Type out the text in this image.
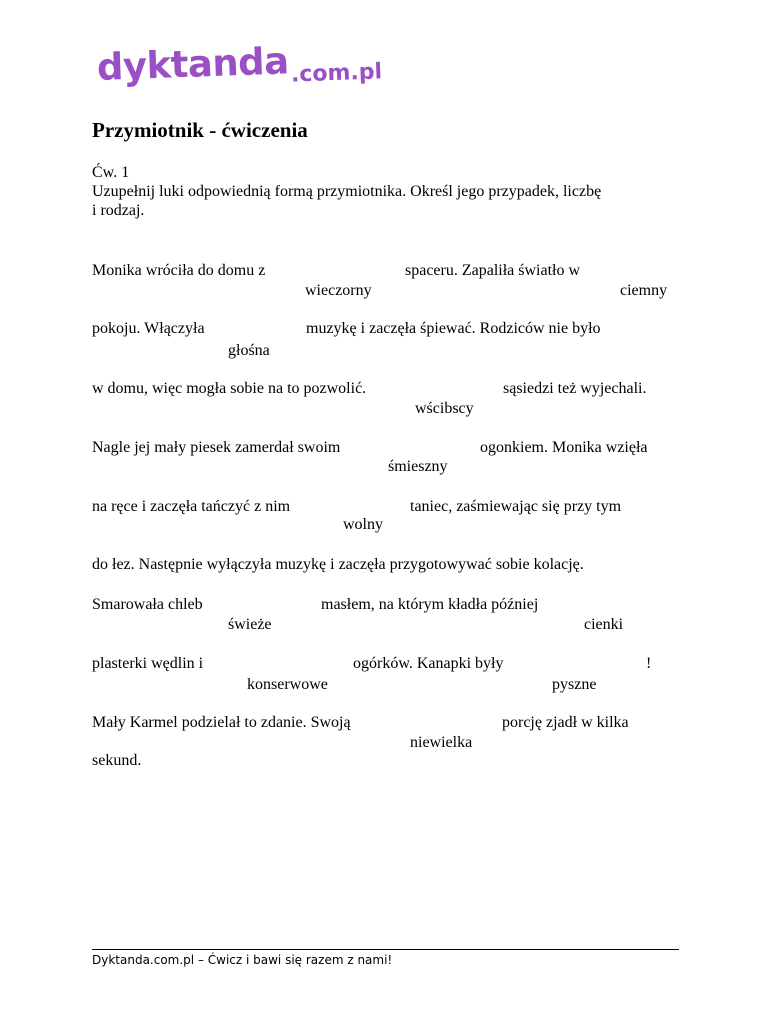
dyktanda.com.pl
Przymiotnik - ćwiczenia
Ćw. 1
Uzupełnij luki odpowiednią formą przymiotnika. Określ jego przypadek, liczbę
i rodzaj.
Monika wróciła do domu z	spaceru. Zapaliła światło w
wieczorny	ciemny
pokoju. Włączyła	muzykę i zaczęła śpiewać. Rodziców nie było
głośna
w domu, więc mogła sobie na to pozwolić.	sąsiedzi też wyjechali.
wścibscy
Nagle jej mały piesek zamerdał swoim	ogonkiem. Monika wzięła
śmieszny
na ręce i zaczęła tańczyć z nim	taniec, zaśmiewając się przy tym
wolny
do łez. Następnie wyłączyła muzykę i zaczęła przygotowywać sobie kolację.
Smarowała chleb	masłem, na którym kładła później
świeże	cienki
plasterki wędlin i	ogórków. Kanapki były	!
konserwowe	pyszne
Mały Karmel podzielał to zdanie. Swoją	porcję zjadł w kilka
niewielka
sekund.
Dyktanda.com.pl – Ćwicz i bawi się razem z nami!
